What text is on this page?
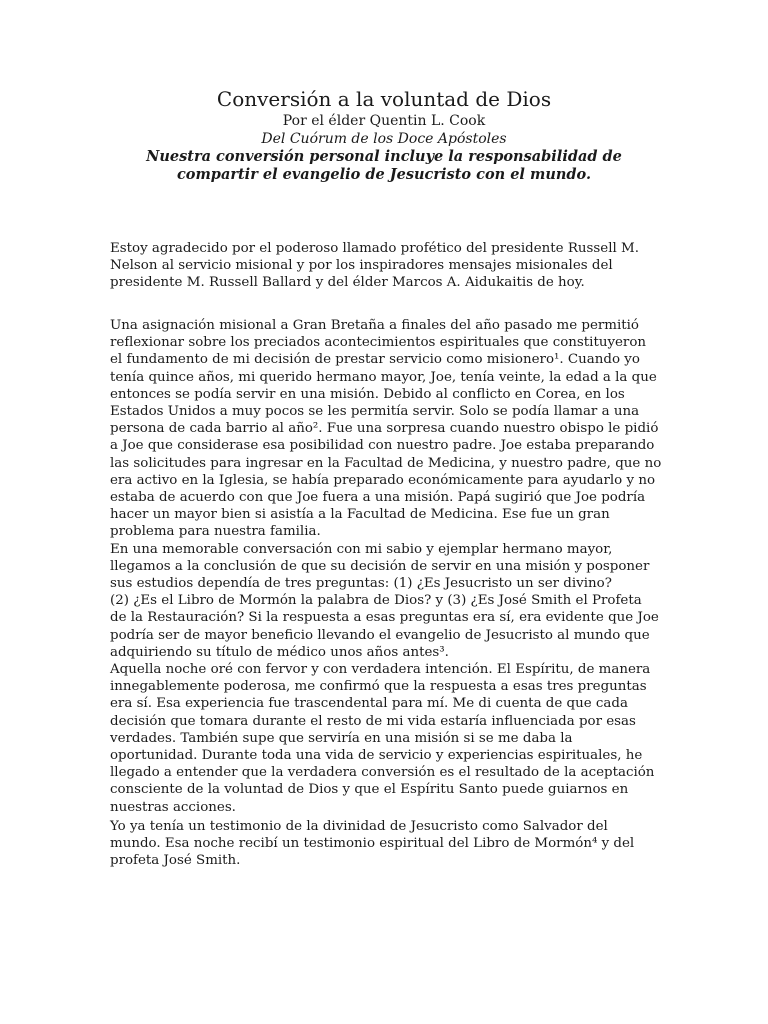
Conversión a la voluntad de Dios

Por el élder Quentin L. Cook

Del Cuórum de los Doce Apóstoles

Nuestra conversión personal incluye la responsabilidad de
compartir el evangelio de Jesucristo con el mundo.

Estoy agradecido por el poderoso llamado profético del presidente Russell M.
Nelson al servicio misional y por los inspiradores mensajes misionales del
presidente M. Russell Ballard y del élder Marcos A. Aidukaitis de hoy.
Una asignación misional a Gran Bretaña a finales del año pasado me permitió
reflexionar sobre los preciados acontecimientos espirituales que constituyeron
el fundamento de mi decisión de prestar servicio como misionero¹. Cuando yo
tenía quince años, mi querido hermano mayor, Joe, tenía veinte, la edad a la que
entonces se podía servir en una misión. Debido al conflicto en Corea, en los
Estados Unidos a muy pocos se les permitía servir. Solo se podía llamar a una
persona de cada barrio al año². Fue una sorpresa cuando nuestro obispo le pidió
a Joe que considerase esa posibilidad con nuestro padre. Joe estaba preparando
las solicitudes para ingresar en la Facultad de Medicina, y nuestro padre, que no
era activo en la Iglesia, se había preparado económicamente para ayudarlo y no
estaba de acuerdo con que Joe fuera a una misión. Papá sugirió que Joe podría
hacer un mayor bien si asistía a la Facultad de Medicina. Ese fue un gran
problema para nuestra familia.
En una memorable conversación con mi sabio y ejemplar hermano mayor,
llegamos a la conclusión de que su decisión de servir en una misión y posponer
sus estudios dependía de tres preguntas: (1) ¿Es Jesucristo un ser divino?
(2) ¿Es el Libro de Mormón la palabra de Dios? y (3) ¿Es José Smith el Profeta
de la Restauración? Si la respuesta a esas preguntas era sí, era evidente que Joe
podría ser de mayor beneficio llevando el evangelio de Jesucristo al mundo que
adquiriendo su título de médico unos años antes³.
Aquella noche oré con fervor y con verdadera intención. El Espíritu, de manera
innegablemente poderosa, me confirmó que la respuesta a esas tres preguntas
era sí. Esa experiencia fue trascendental para mí. Me di cuenta de que cada
decisión que tomara durante el resto de mi vida estaría influenciada por esas
verdades. También supe que serviría en una misión si se me daba la
oportunidad. Durante toda una vida de servicio y experiencias espirituales, he
llegado a entender que la verdadera conversión es el resultado de la aceptación
consciente de la voluntad de Dios y que el Espíritu Santo puede guiarnos en
nuestras acciones.
Yo ya tenía un testimonio de la divinidad de Jesucristo como Salvador del
mundo. Esa noche recibí un testimonio espiritual del Libro de Mormón⁴ y del
profeta José Smith.
